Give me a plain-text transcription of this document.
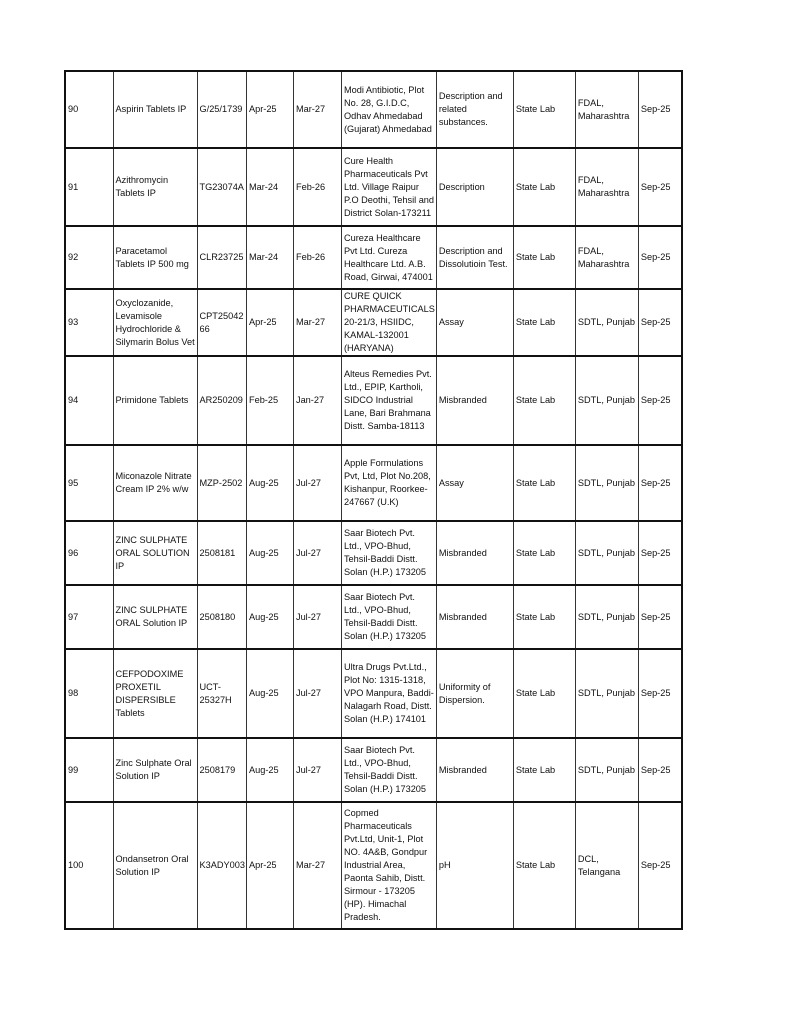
90	Aspirin Tablets IP	G/25/1739	Apr-25	Mar-27	Modi Antibiotic, Plot No. 28, G.I.D.C, Odhav Ahmedabad (Gujarat) Ahmedabad	Description and related substances.	State Lab	FDAL, Maharashtra	Sep-25
91	Azithromycin Tablets IP	TG23074A	Mar-24	Feb-26	Cure Health Pharmaceuticals Pvt Ltd. Village Raipur P.O Deothi, Tehsil and District Solan-173211	Description	State Lab	FDAL, Maharashtra	Sep-25
92	Paracetamol Tablets IP 500 mg	CLR23725	Mar-24	Feb-26	Cureza Healthcare Pvt Ltd. Cureza Healthcare Ltd. A.B. Road, Girwai, 474001	Description and Dissolutioin Test.	State Lab	FDAL, Maharashtra	Sep-25
93	Oxyclozanide, Levamisole Hydrochloride & Silymarin Bolus Vet	CPT25042 66	Apr-25	Mar-27	CURE QUICK PHARMACEUTICALS 20-21/3, HSIIDC, KAMAL-132001 (HARYANA)	Assay	State Lab	SDTL, Punjab	Sep-25
94	Primidone Tablets	AR250209	Feb-25	Jan-27	Alteus Remedies Pvt. Ltd., EPIP, Kartholi, SIDCO Industrial Lane, Bari Brahmana Distt. Samba-18113	Misbranded	State Lab	SDTL, Punjab	Sep-25
95	Miconazole Nitrate Cream IP 2% w/w	MZP-2502	Aug-25	Jul-27	Apple Formulations Pvt, Ltd, Plot No.208, Kishanpur, Roorkee-247667 (U.K)	Assay	State Lab	SDTL, Punjab	Sep-25
96	ZINC SULPHATE ORAL SOLUTION IP	2508181	Aug-25	Jul-27	Saar Biotech Pvt. Ltd., VPO-Bhud, Tehsil-Baddi Distt. Solan (H.P.) 173205	Misbranded	State Lab	SDTL, Punjab	Sep-25
97	ZINC SULPHATE ORAL Solution IP	2508180	Aug-25	Jul-27	Saar Biotech Pvt. Ltd., VPO-Bhud, Tehsil-Baddi Distt. Solan (H.P.) 173205	Misbranded	State Lab	SDTL, Punjab	Sep-25
98	CEFPODOXIME PROXETIL DISPERSIBLE Tablets	UCT-25327H	Aug-25	Jul-27	Ultra Drugs Pvt.Ltd., Plot No: 1315-1318, VPO Manpura, Baddi-Nalagarh Road, Distt. Solan (H.P.) 174101	Uniformity of Dispersion.	State Lab	SDTL, Punjab	Sep-25
99	Zinc Sulphate Oral Solution IP	2508179	Aug-25	Jul-27	Saar Biotech Pvt. Ltd., VPO-Bhud, Tehsil-Baddi Distt. Solan (H.P.) 173205	Misbranded	State Lab	SDTL, Punjab	Sep-25
100	Ondansetron Oral Solution IP	K3ADY003	Apr-25	Mar-27	Copmed Pharmaceuticals Pvt.Ltd, Unit-1, Plot NO. 4A&B, Gondpur Industrial Area, Paonta Sahib, Distt. Sirmour - 173205 (HP). Himachal Pradesh.	pH	State Lab	DCL, Telangana	Sep-25
